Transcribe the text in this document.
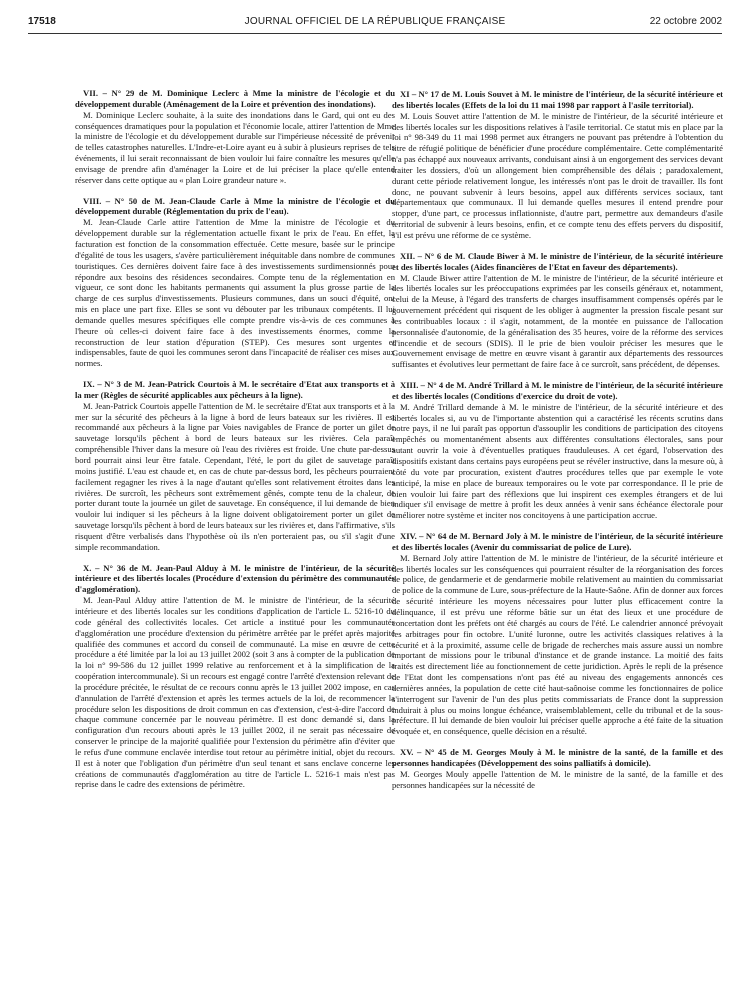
17518	JOURNAL OFFICIEL DE LA RÉPUBLIQUE FRANÇAISE	22 octobre 2002

VII. – N° 29 de M. Dominique Leclerc à Mme la ministre de l'écologie et du développement durable (Aménagement de la Loire et prévention des inondations).

M. Dominique Leclerc souhaite, à la suite des inondations dans le Gard, qui ont eu des conséquences dramatiques pour la population et l'économie locale, attirer l'attention de Mme la ministre de l'écologie et du développement durable sur l'impérieuse nécessité de prévenir de telles catastrophes naturelles. L'Indre-et-Loire ayant eu à subir à plusieurs reprises de tels événements, il lui serait reconnaissant de bien vouloir lui faire connaître les mesures qu'elle envisage de prendre afin d'aménager la Loire et de lui préciser la place qu'elle entend réserver dans cette optique au « plan Loire grandeur nature ».

VIII. – N° 50 de M. Jean-Claude Carle à Mme la ministre de l'écologie et du développement durable (Réglementation du prix de l'eau).

M. Jean-Claude Carle attire l'attention de Mme la ministre de l'écologie et du développement durable sur la réglementation actuelle fixant le prix de l'eau. En effet, la facturation est fonction de la consommation effectuée. Cette mesure, basée sur le principe d'égalité de tous les usagers, s'avère particulièrement inéquitable dans nombre de communes touristiques. Ces dernières doivent faire face à des investissements surdimensionnés pour répondre aux besoins des résidences secondaires. Compte tenu de la réglementation en vigueur, ce sont donc les habitants permanents qui assument la plus grosse partie de la charge de ces surplus d'investissements. Plusieurs communes, dans un souci d'équité, ont mis en place une part fixe. Elles se sont vu débouter par les tribunaux compétents. Il lui demande quelles mesures spécifiques elle compte prendre vis-à-vis de ces communes à l'heure où celles-ci doivent faire face à des investissements énormes, comme la reconstruction de leur station d'épuration (STEP). Ces mesures sont urgentes et indispensables, faute de quoi les communes seront dans l'incapacité de réaliser ces mises aux normes.

IX. – N° 3 de M. Jean-Patrick Courtois à M. le secrétaire d'Etat aux transports et à la mer (Règles de sécurité applicables aux pêcheurs à la ligne).

M. Jean-Patrick Courtois appelle l'attention de M. le secrétaire d'Etat aux transports et à la mer sur la sécurité des pêcheurs à la ligne à bord de leurs bateaux sur les rivières. Il est recommandé aux pêcheurs à la ligne par Voies navigables de France de porter un gilet de sauvetage lorsqu'ils pêchent à bord de leurs bateaux sur les rivières. Cela paraît compréhensible l'hiver dans la mesure où l'eau des rivières est froide. Une chute par-dessus bord pourrait ainsi leur être fatale. Cependant, l'été, le port du gilet de sauvetage paraît moins justifié. L'eau est chaude et, en cas de chute par-dessus bord, les pêcheurs pourraient facilement regagner les rives à la nage d'autant qu'elles sont relativement étroites dans les rivières. De surcroît, les pêcheurs sont extrêmement gênés, compte tenu de la chaleur, de porter durant toute la journée un gilet de sauvetage. En conséquence, il lui demande de bien vouloir lui indiquer si les pêcheurs à la ligne doivent obligatoirement porter un gilet de sauvetage lorsqu'ils pêchent à bord de leurs bateaux sur les rivières et, dans l'affirmative, s'ils risquent d'être verbalisés dans l'hypothèse où ils n'en porteraient pas, ou s'il s'agit d'une simple recommandation.

X. – N° 36 de M. Jean-Paul Alduy à M. le ministre de l'intérieur, de la sécurité intérieure et des libertés locales (Procédure d'extension du périmètre des communautés d'agglomération).

M. Jean-Paul Alduy attire l'attention de M. le ministre de l'intérieur, de la sécurité intérieure et des libertés locales sur les conditions d'application de l'article L. 5216-10 du code général des collectivités locales. Cet article a institué pour les communautés d'agglomération une procédure d'extension du périmètre arrêtée par le préfet après majorité qualifiée des communes et accord du conseil de communauté. La mise en œuvre de cette procédure a été limitée par la loi au 13 juillet 2002 (soit 3 ans à compter de la publication de la loi n° 99-586 du 12 juillet 1999 relative au renforcement et à la simplification de la coopération intercommunale). Si un recours est engagé contre l'arrêté d'extension relevant de la procédure précitée, le résultat de ce recours connu après le 13 juillet 2002 impose, en cas d'annulation de l'arrêté d'extension et après les termes actuels de la loi, de recommencer la procédure selon les dispositions de droit commun en cas d'extension, c'est-à-dire l'accord de chaque commune concernée par le nouveau périmètre. Il est donc demandé si, dans la configuration d'un recours abouti après le 13 juillet 2002, il ne serait pas nécessaire de conserver le principe de la majorité qualifiée pour l'extension du périmètre afin d'éviter que le refus d'une commune enclavée interdise tout retour au périmètre initial, objet du recours. Il est à noter que l'obligation d'un périmètre d'un seul tenant et sans enclave concerne les créations de communautés d'agglomération au titre de l'article L. 5216-1 mais n'est pas reprise dans le cadre des extensions de périmètre.

XI – N° 17 de M. Louis Souvet à M. le ministre de l'intérieur, de la sécurité intérieure et des libertés locales (Effets de la loi du 11 mai 1998 par rapport à l'asile territorial).

M. Louis Souvet attire l'attention de M. le ministre de l'intérieur, de la sécurité intérieure et des libertés locales sur les dispositions relatives à l'asile territorial. Ce statut mis en place par la loi n° 98-349 du 11 mai 1998 permet aux étrangers ne pouvant pas prétendre à l'obtention du titre de réfugié politique de bénéficier d'une procédure complémentaire. Cette complémentarité n'a pas échappé aux nouveaux arrivants, conduisant ainsi à un engorgement des services devant traiter les dossiers, d'où un allongement bien compréhensible des délais ; paradoxalement, durant cette période relativement longue, les intéressés n'ont pas le droit de travailler. Ils font donc, ne pouvant subvenir à leurs besoins, appel aux différents services sociaux, tant départementaux que communaux. Il lui demande quelles mesures il entend prendre pour stopper, d'une part, ce processus inflationniste, d'autre part, permettre aux demandeurs d'asile territorial de subvenir à leurs besoins, enfin, et ce compte tenu des effets pervers du dispositif, s'il est prévu une réforme de ce système.

XII. – N° 6 de M. Claude Biwer à M. le ministre de l'intérieur, de la sécurité intérieure et des libertés locales (Aides financières de l'Etat en faveur des départements).

M. Claude Biwer attire l'attention de M. le ministre de l'intérieur, de la sécurité intérieure et des libertés locales sur les préoccupations exprimées par les conseils généraux et, notamment, celui de la Meuse, à l'égard des transferts de charges insuffisamment compensés opérés par le gouvernement précédent qui risquent de les obliger à augmenter la pression fiscale pesant sur les contribuables locaux : il s'agit, notamment, de la montée en puissance de l'allocation personnalisée d'autonomie, de la généralisation des 35 heures, voire de la réforme des services d'incendie et de secours (SDIS). Il le prie de bien vouloir préciser les mesures que le Gouvernement envisage de mettre en œuvre visant à garantir aux départements des ressources suffisantes et évolutives leur permettant de faire face à ce surcroît, sans précédent, de dépenses.

XIII. – N° 4 de M. André Trillard à M. le ministre de l'intérieur, de la sécurité intérieure et des libertés locales (Conditions d'exercice du droit de vote).

M. André Trillard demande à M. le ministre de l'intérieur, de la sécurité intérieure et des libertés locales si, au vu de l'importante abstention qui a caractérisé les récents scrutins dans notre pays, il ne lui paraît pas opportun d'assouplir les conditions de participation des citoyens empêchés ou momentanément absents aux différentes consultations électorales, sans pour autant ouvrir la voie à d'éventuelles pratiques frauduleuses. A cet égard, l'observation des dispositifs existant dans certains pays européens peut se révéler instructive, dans la mesure où, à côté du vote par procuration, existent d'autres procédures telles que par exemple le vote anticipé, la mise en place de bureaux temporaires ou le vote par correspondance. Il le prie de bien vouloir lui faire part des réflexions que lui inspirent ces exemples étrangers et de lui indiquer s'il envisage de mettre à profit les deux années à venir sans échéance électorale pour améliorer notre système et inciter nos concitoyens à une participation accrue.

XIV. – N° 64 de M. Bernard Joly à M. le ministre de l'intérieur, de la sécurité intérieure et des libertés locales (Avenir du commissariat de police de Lure).

M. Bernard Joly attire l'attention de M. le ministre de l'intérieur, de la sécurité intérieure et des libertés locales sur les conséquences qui pourraient résulter de la réorganisation des forces de police, de gendarmerie et de gendarmerie mobile relativement au maintien du commissariat de police de la commune de Lure, sous-préfecture de la Haute-Saône. Afin de donner aux forces de sécurité intérieure les moyens nécessaires pour lutter plus efficacement contre la délinquance, il est prévu une réforme bâtie sur un état des lieux et une procédure de concertation dont les préfets ont été chargés au cours de l'été. Le calendrier annoncé prévoyait les arbitrages pour fin octobre. L'unité luronne, outre les activités classiques relatives à la sécurité et à la proximité, assume celle de brigade de recherches mais assure aussi un nombre important de missions pour le tribunal d'instance et de grande instance. La moitié des faits traités est directement liée au fonctionnement de cette juridiction. Après le repli de la présence de l'Etat dont les compensations n'ont pas été au niveau des engagements annoncés ces dernières années, la population de cette cité haut-saônoise comme les fonctionnaires de police s'interrogent sur l'avenir de l'un des plus petits commissariats de France dont la suppression induirait à plus ou moins longue échéance, vraisemblablement, celle du tribunal et de la sous-préfecture. Il lui demande de bien vouloir lui préciser quelle approche a été faite de la situation évoquée et, en conséquence, quelle décision en a résulté.

XV. – N° 45 de M. Georges Mouly à M. le ministre de la santé, de la famille et des personnes handicapées (Développement des soins palliatifs à domicile).

M. Georges Mouly appelle l'attention de M. le ministre de la santé, de la famille et des personnes handicapées sur la nécessité de
